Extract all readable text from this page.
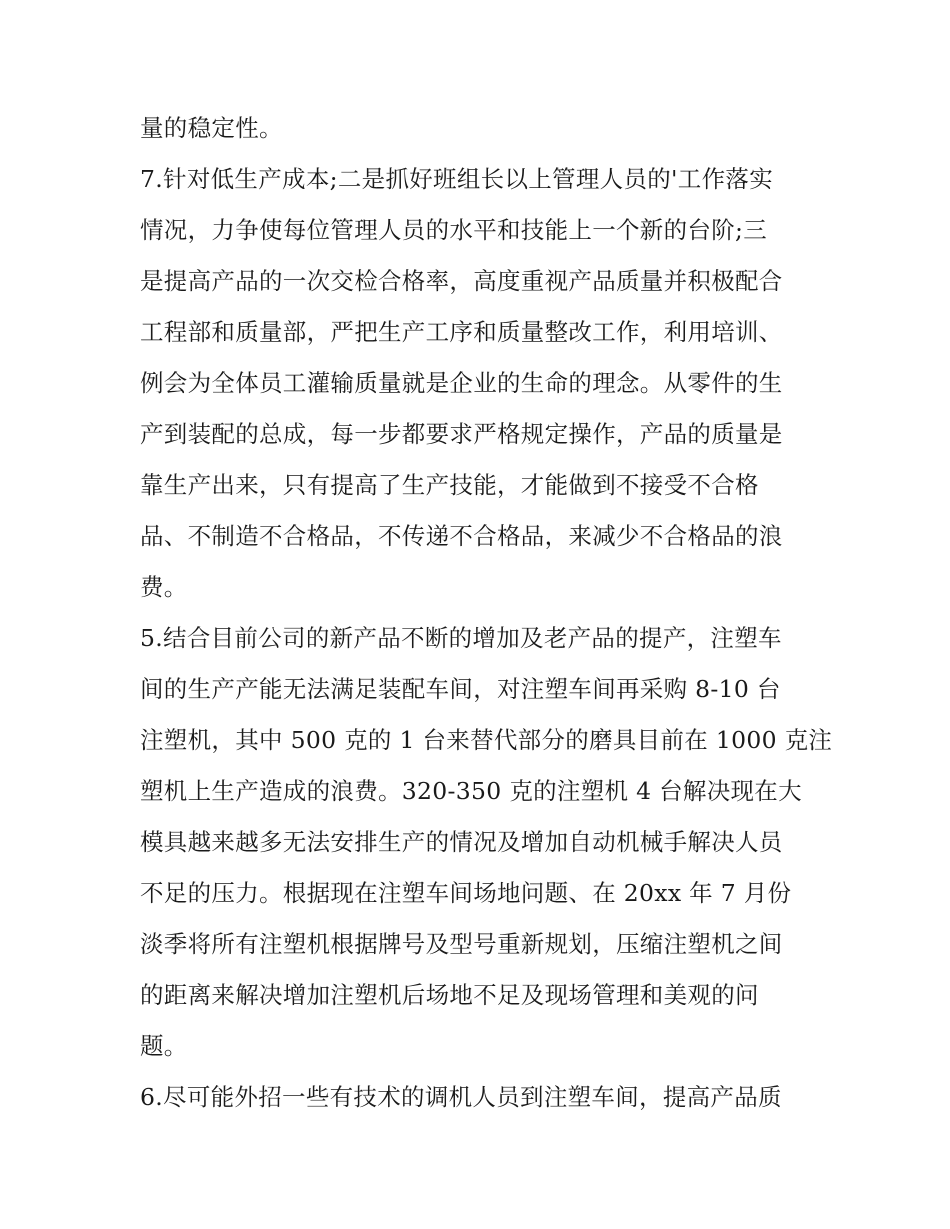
量的稳定性。
7.针对低生产成本;二是抓好班组长以上管理人员的'工作落实
情况，力争使每位管理人员的水平和技能上一个新的台阶;三
是提高产品的一次交检合格率，高度重视产品质量并积极配合
工程部和质量部，严把生产工序和质量整改工作，利用培训、
例会为全体员工灌输质量就是企业的生命的理念。从零件的生
产到装配的总成，每一步都要求严格规定操作，产品的质量是
靠生产出来，只有提高了生产技能，才能做到不接受不合格
品、不制造不合格品，不传递不合格品，来减少不合格品的浪
费。
5.结合目前公司的新产品不断的增加及老产品的提产，注塑车
间的生产产能无法满足装配车间，对注塑车间再采购 8-10 台
注塑机，其中 500 克的 1 台来替代部分的磨具目前在 1000 克注
塑机上生产造成的浪费。320-350 克的注塑机 4 台解决现在大
模具越来越多无法安排生产的情况及增加自动机械手解决人员
不足的压力。根据现在注塑车间场地问题、在 20xx 年 7 月份
淡季将所有注塑机根据牌号及型号重新规划，压缩注塑机之间
的距离来解决增加注塑机后场地不足及现场管理和美观的问
题。
6.尽可能外招一些有技术的调机人员到注塑车间，提高产品质
